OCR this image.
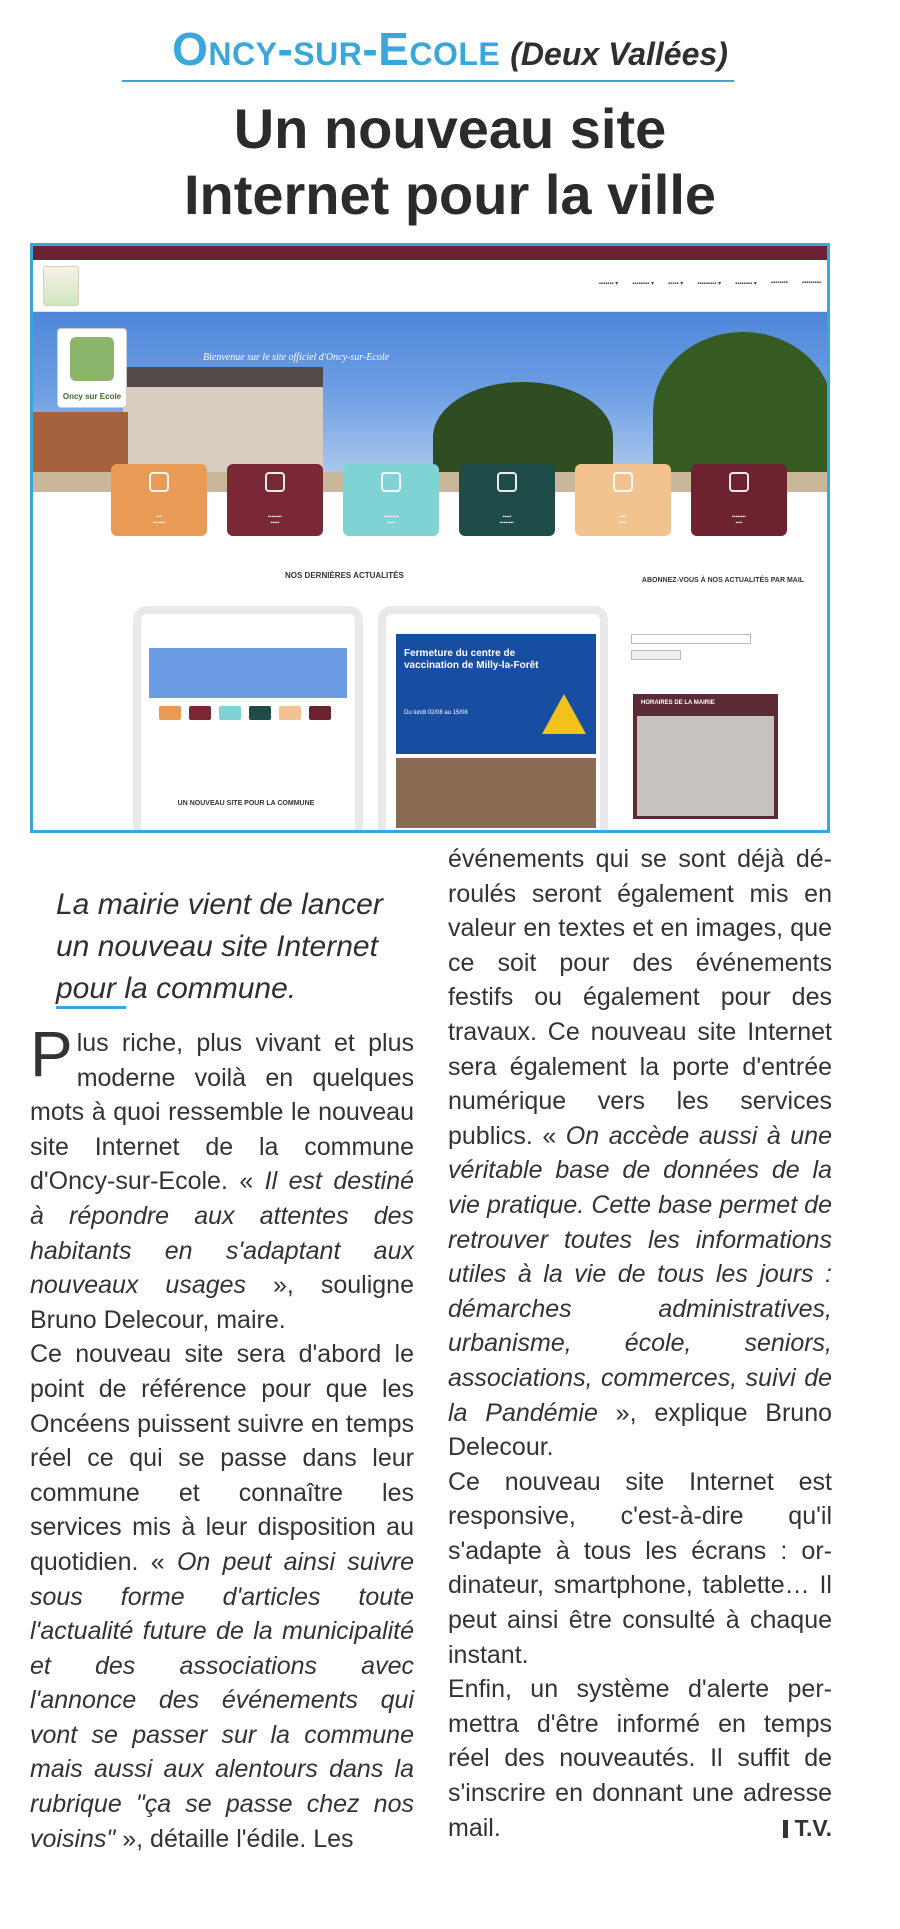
Oncy-sur-Ecole (Deux Vallées)
Un nouveau site
Internet pour la ville
▪▪▪▪▪▪▪ ▾ ▪▪▪▪▪▪▪▪ ▾ ▪▪▪▪▪ ▾ ▪▪▪▪▪▪▪▪▪ ▾ ▪▪▪▪▪▪▪▪ ▾ ▪▪▪▪▪▪▪▪ ▪▪▪▪▪▪▪▪▪
Bienvenue sur le site officiel d'Oncy-sur-Ecole
Oncy sur Ecole
▪▪▪
▪▪▪▪▪▪▪
▪▪▪▪▪▪▪▪
▪▪▪▪▪
▪▪▪▪▪▪▪▪
▪▪▪▪
▪▪▪▪▪
▪▪▪▪▪▪▪▪
▪▪▪▪
▪▪▪▪
▪▪▪▪▪▪▪▪
▪▪▪▪
NOS DERNIÈRES ACTUALITÉS
UN NOUVEAU SITE POUR LA COMMUNE
Fermeture du centre de vaccination de Milly-la-Forêt
Du lundi 02/08 au 15/08
ABONNEZ-VOUS À NOS ACTUALITÉS PAR MAIL
HORAIRES DE LA MAIRIE
La mairie vient de lancer un nouveau site Internet pour la commune.

Plus riche, plus vivant et plus moderne voilà en quelques mots à quoi ressemble le nouveau site Internet de la commune d'Oncy-sur-Ecole. « Il est destiné à répondre aux attentes des habitants en s'adaptant aux nouveaux usages », souligne Bruno Delecour, maire.

Ce nouveau site sera d'abord le point de référence pour que les Oncéens puissent suivre en temps réel ce qui se passe dans leur commune et connaître les services mis à leur disposition au quotidien. « On peut ainsi suivre sous forme d'articles toute l'actualité future de la municipalité et des associations avec l'annonce des événements qui vont se passer sur la commune mais aussi aux alentours dans la rubrique "ça se passe chez nos voisins" », détaille l'édile. Les

événements qui se sont déjà déroulés seront également mis en valeur en textes et en images, que ce soit pour des événements festifs ou également pour des travaux. Ce nouveau site Internet sera également la porte d'entrée numérique vers les services publics. « On accède aussi à une véritable base de données de la vie pratique. Cette base permet de retrouver toutes les informations utiles à la vie de tous les jours : démarches administratives, urbanisme, école, seniors, associations, commerces, suivi de la Pandémie », explique Bruno Delecour.

Ce nouveau site Internet est responsive, c'est-à-dire qu'il s'adapte à tous les écrans : ordinateur, smartphone, tablette… Il peut ainsi être consulté à chaque instant.

Enfin, un système d'alerte permettra d'être informé en temps réel des nouveautés. Il suffit de s'inscrire en donnant une adresse mail.	T.V.
